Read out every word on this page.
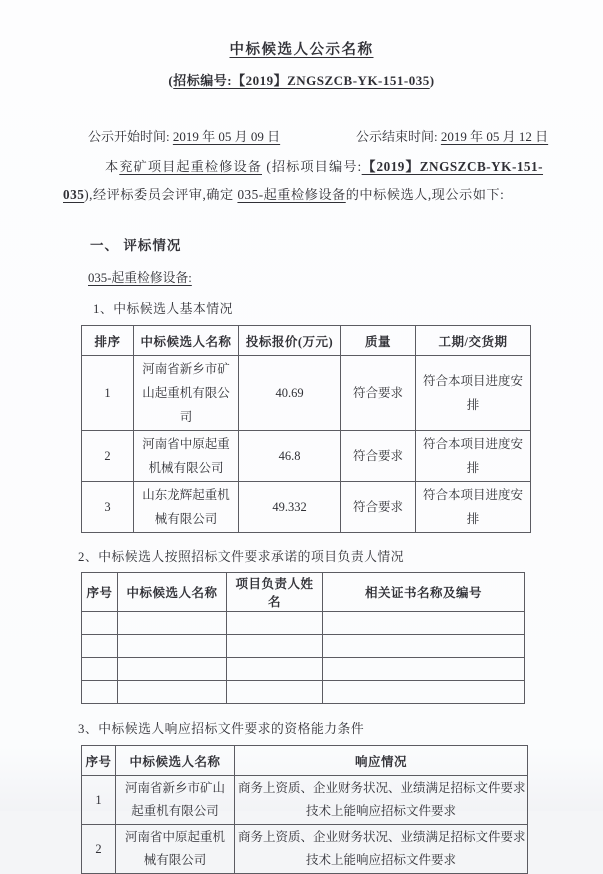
中标候选人公示名称
(招标编号:【2019】ZNGSZCB-YK-151-035)
公示开始时间: 2019 年 05 月 09 日	公示结束时间: 2019 年 05 月 12 日
本兖矿项目起重检修设备 (招标项目编号:【2019】ZNGSZCB-YK-151-035),经评标委员会评审,确定 035-起重检修设备的中标候选人,现公示如下:
一、 评标情况
035-起重检修设备:
1、中标候选人基本情况
排序	中标候选人名称	投标报价(万元)	质量	工期/交货期
1	河南省新乡市矿山起重机有限公司	40.69	符合要求	符合本项目进度安排
2	河南省中原起重机械有限公司	46.8	符合要求	符合本项目进度安排
3	山东龙辉起重机械有限公司	49.332	符合要求	符合本项目进度安排
2、中标候选人按照招标文件要求承诺的项目负责人情况
序号	中标候选人名称	项目负责人姓名	相关证书名称及编号

3、中标候选人响应招标文件要求的资格能力条件
序号	中标候选人名称	响应情况
1	河南省新乡市矿山起重机有限公司	商务上资质、企业财务状况、业绩满足招标文件要求
技术上能响应招标文件要求

2	河南省中原起重机械有限公司	商务上资质、企业财务状况、业绩满足招标文件要求
技术上能响应招标文件要求
